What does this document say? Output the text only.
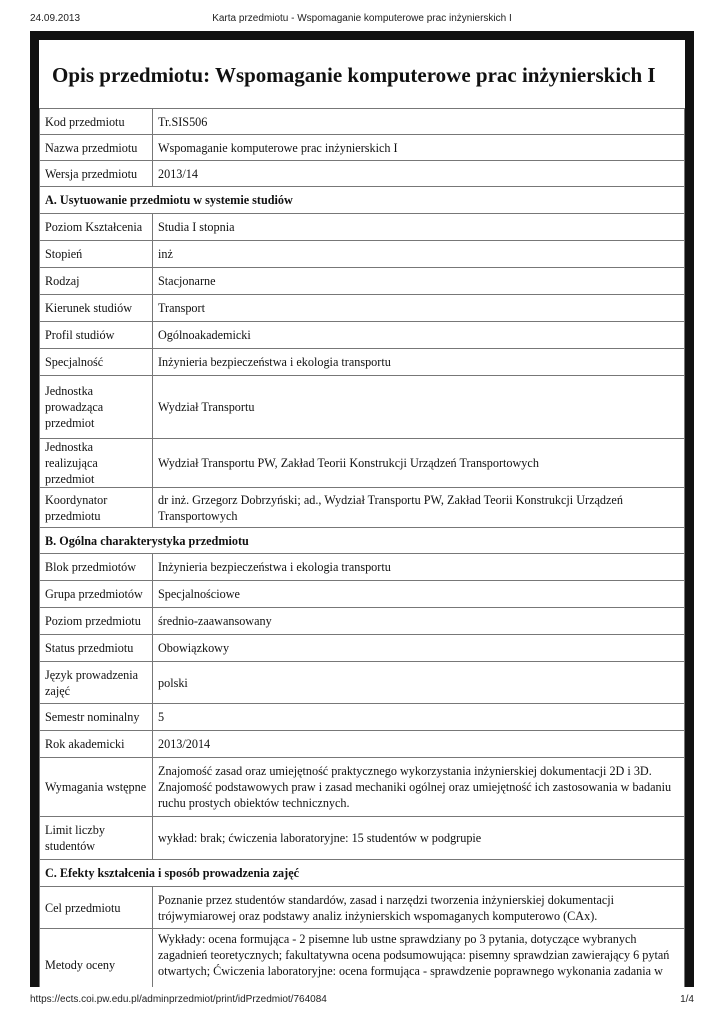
24.09.2013	Karta przedmiotu - Wspomaganie komputerowe prac inżynierskich I
Opis przedmiotu: Wspomaganie komputerowe prac inżynierskich I
Kod przedmiotu	Tr.SIS506
Nazwa przedmiotu	Wspomaganie komputerowe prac inżynierskich I
Wersja przedmiotu	2013/14
A. Usytuowanie przedmiotu w systemie studiów	
Poziom Kształcenia	Studia I stopnia
Stopień	inż
Rodzaj	Stacjonarne
Kierunek studiów	Transport
Profil studiów	Ogólnoakademicki
Specjalność	Inżynieria bezpieczeństwa i ekologia transportu
Jednostka prowadząca przedmiot	Wydział Transportu
Jednostka realizująca przedmiot	Wydział Transportu PW, Zakład Teorii Konstrukcji Urządzeń Transportowych
Koordynator przedmiotu	dr inż. Grzegorz Dobrzyński; ad., Wydział Transportu PW, Zakład Teorii Konstrukcji Urządzeń Transportowych
B. Ogólna charakterystyka przedmiotu	
Blok przedmiotów	Inżynieria bezpieczeństwa i ekologia transportu
Grupa przedmiotów	Specjalnościowe
Poziom przedmiotu	średnio-zaawansowany
Status przedmiotu	Obowiązkowy
Język prowadzenia zajęć	polski
Semestr nominalny	5
Rok akademicki	2013/2014
Wymagania wstępne	Znajomość zasad oraz umiejętność praktycznego wykorzystania inżynierskiej dokumentacji 2D i 3D. Znajomość podstawowych praw i zasad mechaniki ogólnej oraz umiejętność ich zastosowania w badaniu ruchu prostych obiektów technicznych.
Limit liczby studentów	wykład: brak; ćwiczenia laboratoryjne: 15 studentów w podgrupie
C. Efekty kształcenia i sposób prowadzenia zajęć	
Cel przedmiotu	Poznanie przez studentów standardów, zasad i narzędzi tworzenia inżynierskiej dokumentacji trójwymiarowej oraz podstawy analiz inżynierskich wspomaganych komputerowo (CAx).
Metody oceny	Wykłady: ocena formująca - 2 pisemne lub ustne sprawdziany po 3 pytania, dotyczące wybranych zagadnień teoretycznych; fakultatywna ocena podsumowująca: pisemny sprawdzian zawierający 6 pytań otwartych; Ćwiczenia laboratoryjne: ocena formująca - sprawdzenie poprawnego wykonania zadania w
https://ects.coi.pw.edu.pl/adminprzedmiot/print/idPrzedmiot/764084	1/4
